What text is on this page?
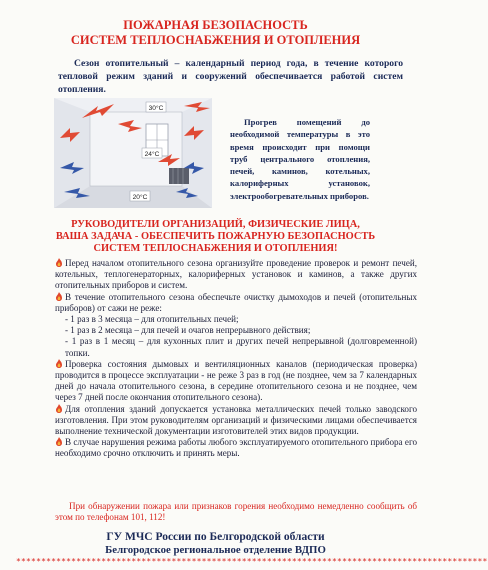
ПОЖАРНАЯ БЕЗОПАСНОСТЬ
СИСТЕМ ТЕПЛОСНАБЖЕНИЯ И ОТОПЛЕНИЯ
Сезон отопительный – календарный период года, в течение которого тепловой режим зданий и сооружений обеспечивается работой систем отопления.
30°C
24°C
20°C
Прогрев помещений до необходимой температуры в это время происходит при помощи труб центрального отопления, печей, каминов, котельных, калориферных установок, электрообогревательных приборов.
РУКОВОДИТЕЛИ ОРГАНИЗАЦИЙ, ФИЗИЧЕСКИЕ ЛИЦА,
ВАША ЗАДАЧА - ОБЕСПЕЧИТЬ ПОЖАРНУЮ БЕЗОПАСНОСТЬ
СИСТЕМ ТЕПЛОСНАБЖЕНИЯ И ОТОПЛЕНИЯ!

Перед началом отопительного сезона организуйте проведение проверок и ремонт печей, котельных, теплогенераторных, калориферных установок и каминов, а также других отопительных приборов и систем.

В течение отопительного сезона обеспечьте очистку дымоходов и печей (отопительных приборов) от сажи не реже:

- 1 раз в 3 месяца – для отопительных печей;

- 1 раз в 2 месяца – для печей и очагов непрерывного действия;

- 1 раз в 1 месяц – для кухонных плит и других печей непрерывной (долговременной) топки.

Проверка состояния дымовых и вентиляционных каналов (периодическая проверка) проводится в процессе эксплуатации - не реже 3 раз в год (не позднее, чем за 7 календарных дней до начала отопительного сезона, в середине отопительного сезона и не позднее, чем через 7 дней после окончания отопительного сезона).

Для отопления зданий допускается установка металлических печей только заводского изготовления. При этом руководителям организаций и физическими лицами обеспечивается выполнение технической документации изготовителей этих видов продукции.

В случае нарушения режима работы любого эксплуатируемого отопительного прибора его необходимо срочно отключить и принять меры.

При обнаружении пожара или признаков горения необходимо немедленно сообщить об этом по телефонам 101, 112!
ГУ МЧС России по Белгородской области
Белгородское региональное отделение ВДПО
**********************************************************************************************
